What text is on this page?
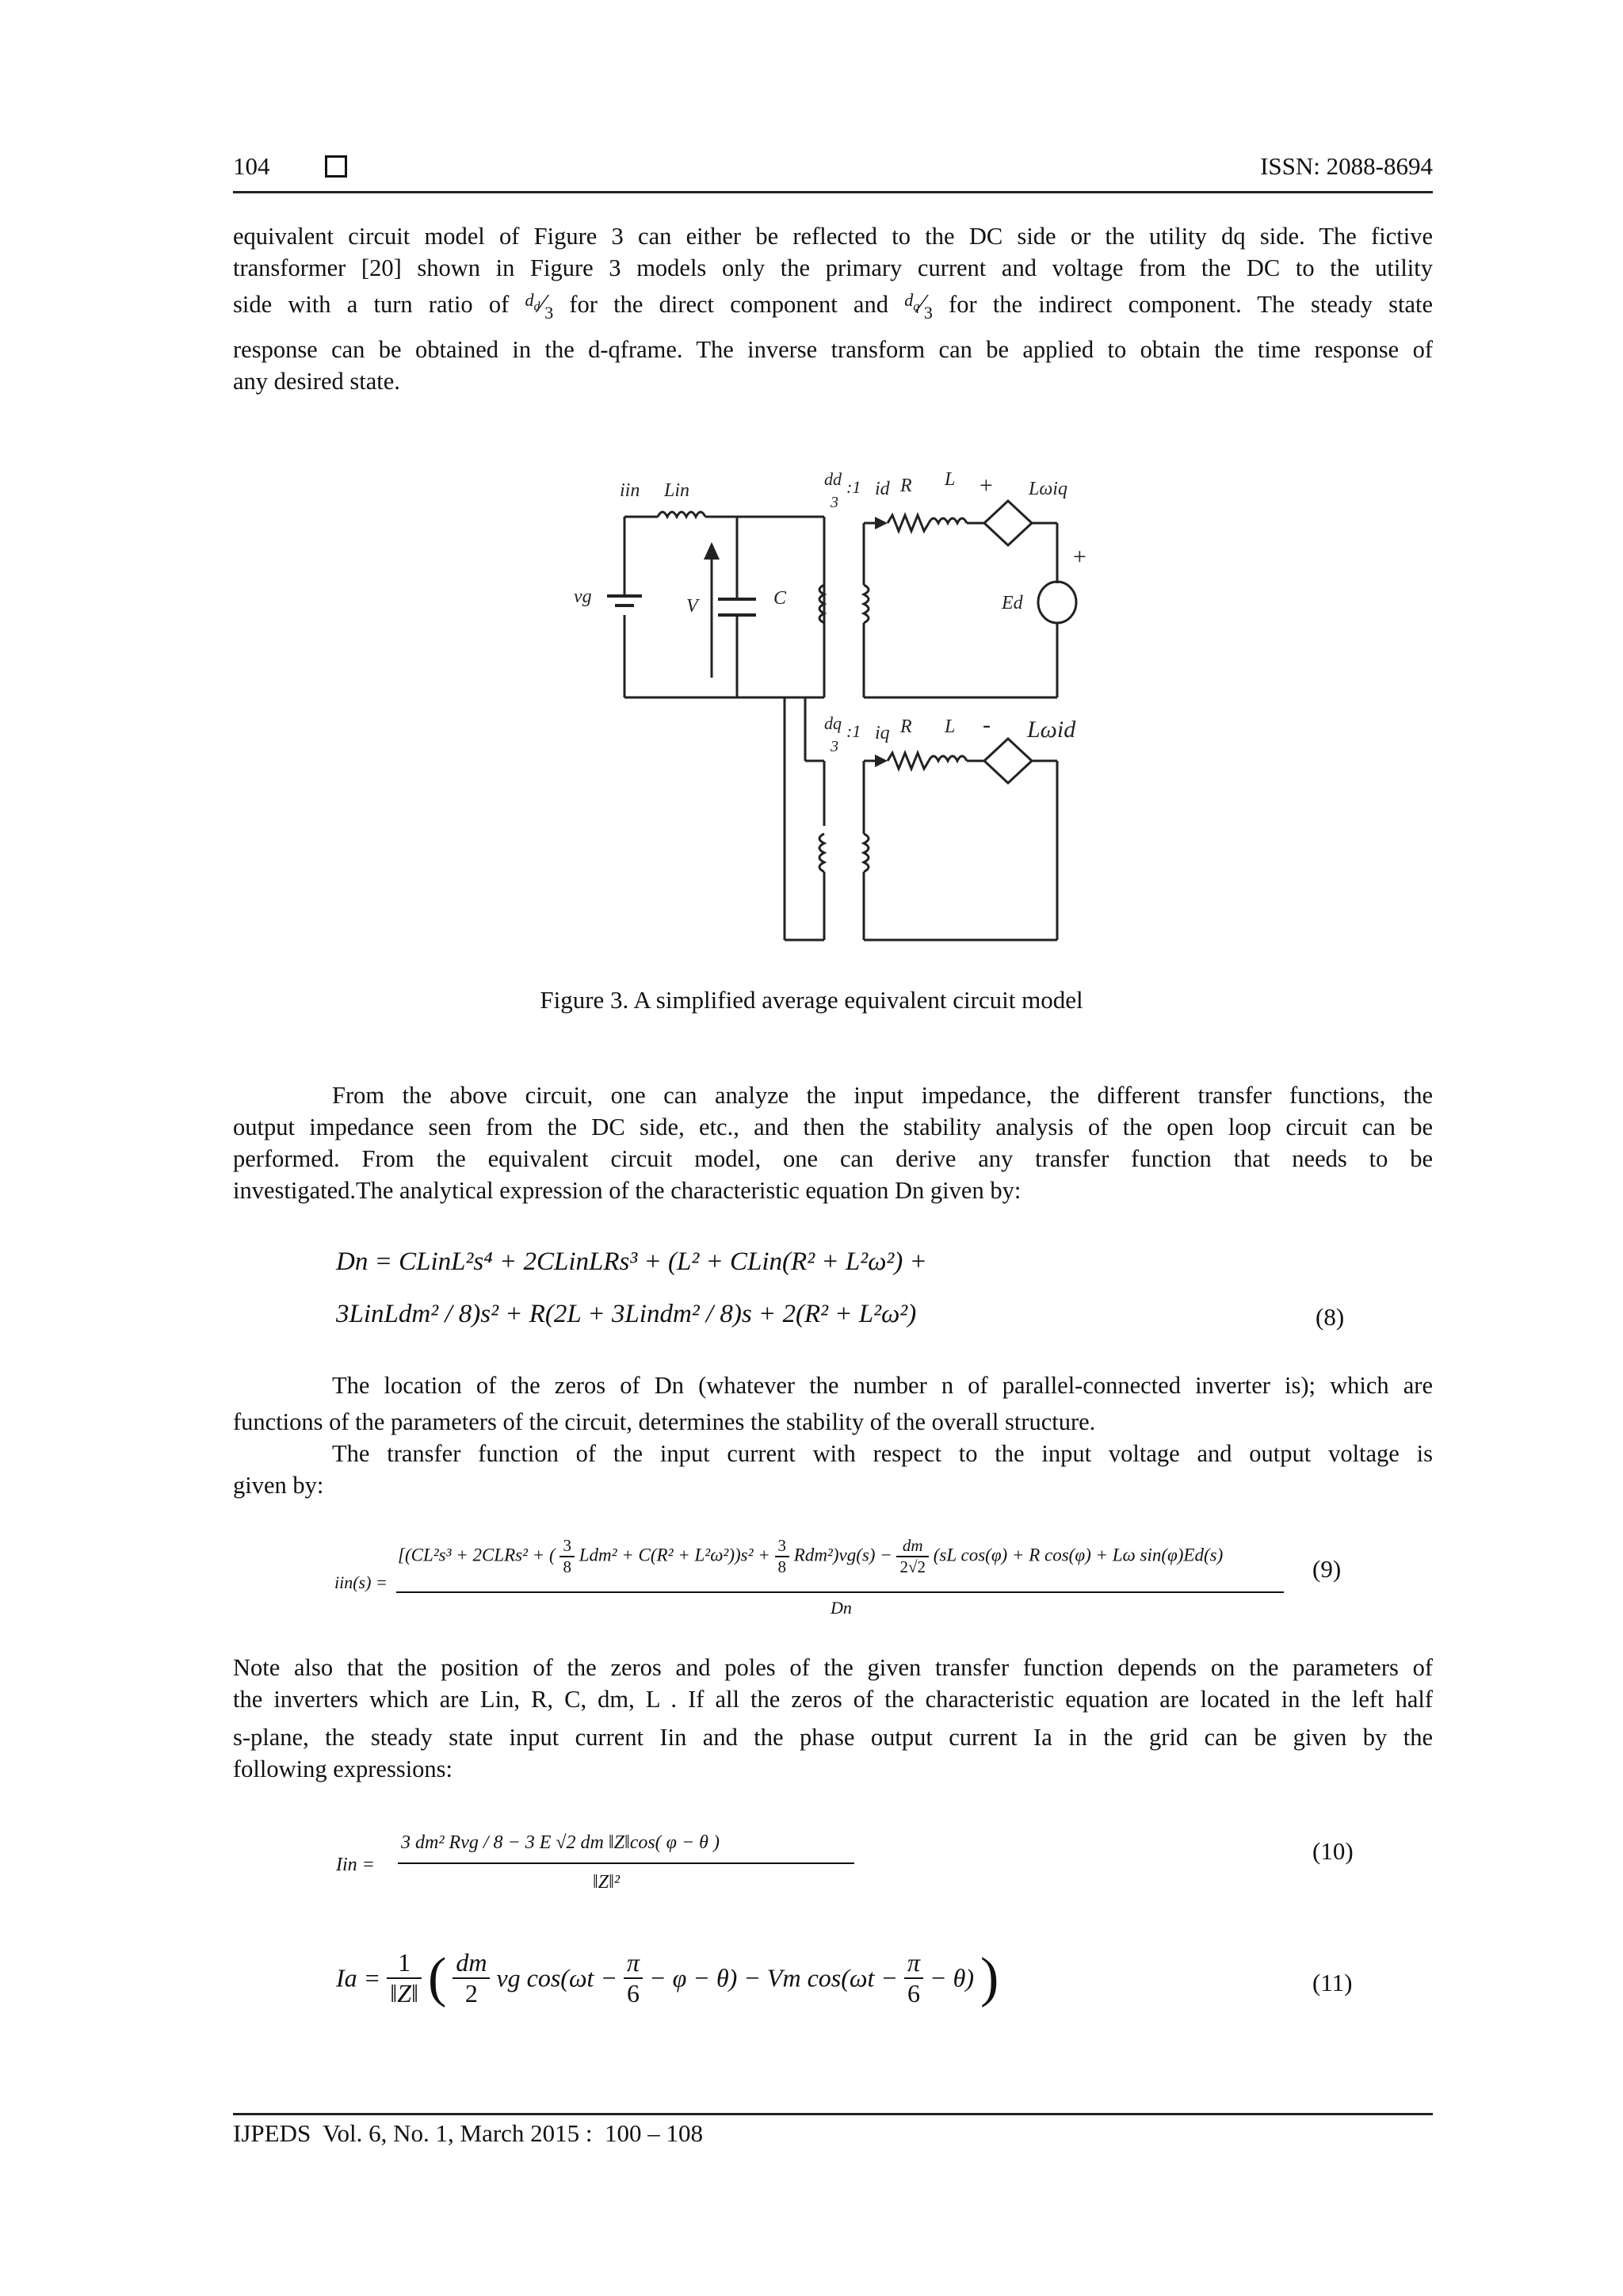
104	ISSN: 2088-8694
equivalent circuit model of Figure 3 can either be reflected to the DC side or the utility dq side. The fictive
transformer [20] shown in Figure 3 models only the primary current and voltage from the DC to the utility
side with a turn ratio of $^{d_d}⁄_3$ for the direct component and $^{d_q}⁄_3$ for the indirect component. The steady state
response can be obtained in the d-qframe. The inverse transform can be applied to obtain the time response of
any desired state.
iin Lin
vg	V	C
dd
3
:1 id R L + Lωiq
+
Ed
dq
3
:1 iq R L - Lωid
Figure 3. A simplified average equivalent circuit model
From the above circuit, one can analyze the input impedance, the different transfer functions, the
output impedance seen from the DC side, etc., and then the stability analysis of the open loop circuit can be
performed. From the equivalent circuit model, one can derive any transfer function that needs to be
investigated.The analytical expression of the characteristic equation Dn given by:
Dn = CLinL²s⁴ + 2CLinLRs³ + (L² + CLin(R² + L²ω²) +
3LinLdm² / 8)s² + R(2L + 3Lindm² / 8)s + 2(R² + L²ω²)	(8)
The location of the zeros of Dn (whatever the number n of parallel-connected inverter is); which are
functions of the parameters of the circuit, determines the stability of the overall structure.
The transfer function of the input current with respect to the input voltage and output voltage is
given by:
iin(s) =
[(CL²s³ + 2CLRs² + ( $\frac{3}{8} Ldm^2 + C(R^2 + L^2\omega^2))s^2 + \frac{3}{8} Rdm^2)vg(s) - \frac{dm}{2√2} (sL$ cos(φ) + R cos(φ) + Lω sin(φ)Ed(s)
Dn
(9)
Note also that the position of the zeros and poles of the given transfer function depends on the parameters of
the inverters which are Lin, R, C, dm, L . If all the zeros of the characteristic equation are located in the left half
s-plane, the steady state input current Iin and the phase output current Ia in the grid can be given by the
following expressions:
Iin =
3 dm² Rvg / 8 − 3 E √2 dm ‖Z‖cos( φ − θ )
‖Z‖²
(10)
$Ia = \frac{1}{‖Z‖}$ ( $\frac{dm}{2}$ vg $\cos(\omega t - \frac{\pi}{6} - \varphi - \theta) - Vm$ $\cos(\omega t - \frac{\pi}{6} - \theta)$ )	(11)
IJPEDS  Vol. 6, No. 1, March 2015 :  100 – 108
